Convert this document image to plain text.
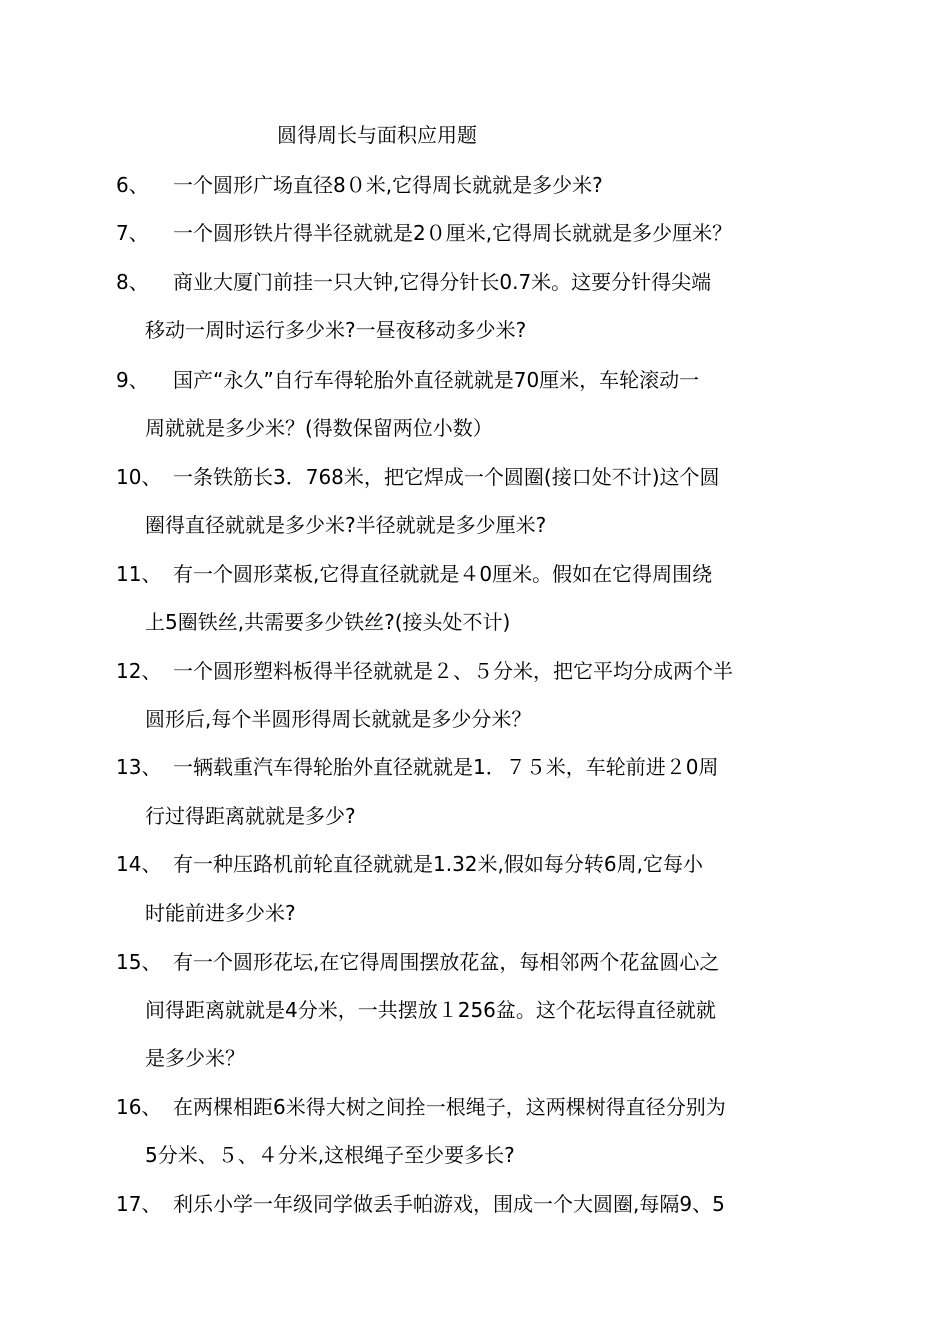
圆得周长与面积应用题
6、 一个圆形广场直径8０米,它得周长就就是多少米?
7、 一个圆形铁片得半径就就是2０厘米,它得周长就就是多少厘米？
8、 商业大厦门前挂一只大钟,它得分针长0.7米。这要分针得尖端
移动一周时运行多少米?一昼夜移动多少米?
9、 国产“永久”自行车得轮胎外直径就就是70厘米，车轮滚动一
周就就是多少米？(得数保留两位小数）
10、 一条铁筋长3．768米，把它焊成一个圆圈(接口处不计)这个圆
圈得直径就就是多少米?半径就就是多少厘米?
11、 有一个圆形菜板,它得直径就就是４0厘米。假如在它得周围绕
上5圈铁丝,共需要多少铁丝?(接头处不计)
12、 一个圆形塑料板得半径就就是２、５分米，把它平均分成两个半
圆形后,每个半圆形得周长就就是多少分米？
13、 一辆载重汽车得轮胎外直径就就是1．７５米，车轮前进２0周
行过得距离就就是多少?
14、 有一种压路机前轮直径就就是1.32米,假如每分转6周,它每小
时能前进多少米?
15、 有一个圆形花坛,在它得周围摆放花盆，每相邻两个花盆圆心之
间得距离就就是4分米，一共摆放１256盆。这个花坛得直径就就
是多少米？
16、 在两棵相距6米得大树之间拴一根绳子，这两棵树得直径分别为
5分米、５、４分米,这根绳子至少要多长?
17、 利乐小学一年级同学做丢手帕游戏，围成一个大圆圈,每隔9、5
